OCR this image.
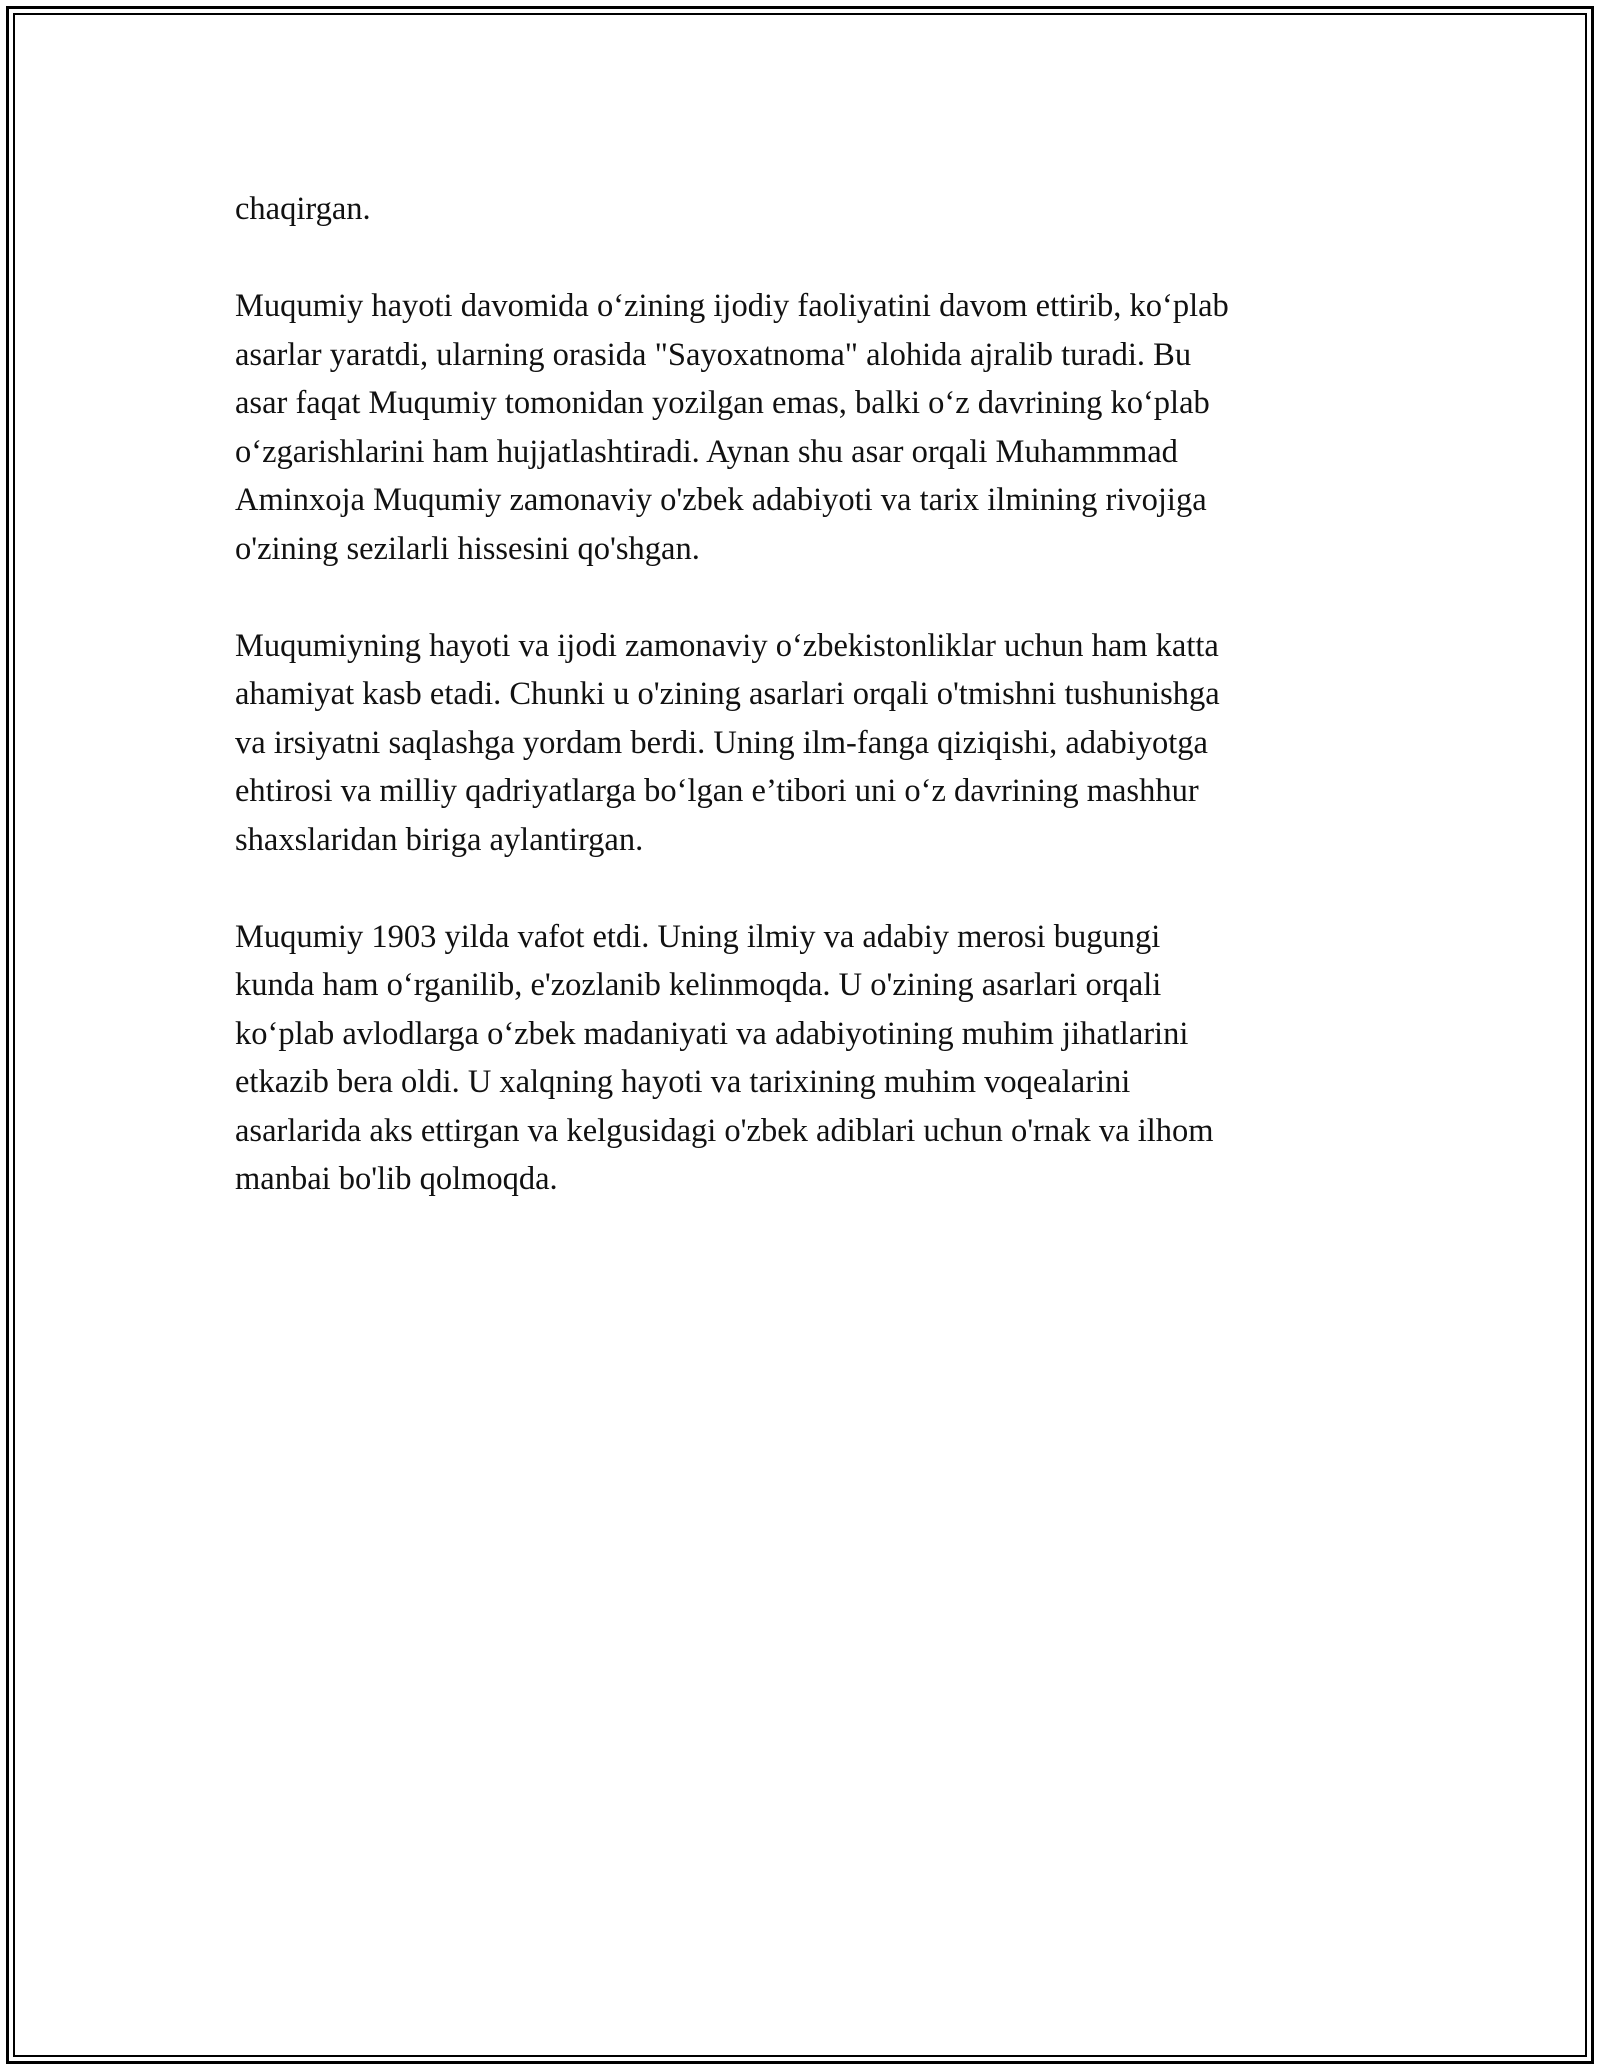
chaqirgan.

Muqumiy hayoti davomida o‘zining ijodiy faoliyatini davom ettirib, ko‘plab
asarlar yaratdi, ularning orasida "Sayoxatnoma" alohida ajralib turadi. Bu
asar faqat Muqumiy tomonidan yozilgan emas, balki o‘z davrining ko‘plab
o‘zgarishlarini ham hujjatlashtiradi. Aynan shu asar orqali Muhammmad
Aminxoja Muqumiy zamonaviy o'zbek adabiyoti va tarix ilmining rivojiga
o'zining sezilarli hissesini qo'shgan.

Muqumiyning hayoti va ijodi zamonaviy o‘zbekistonliklar uchun ham katta
ahamiyat kasb etadi. Chunki u o'zining asarlari orqali o'tmishni tushunishga
va irsiyatni saqlashga yordam berdi. Uning ilm-fanga qiziqishi, adabiyotga
ehtirosi va milliy qadriyatlarga bo‘lgan e’tibori uni o‘z davrining mashhur
shaxslaridan biriga aylantirgan.

Muqumiy 1903 yilda vafot etdi. Uning ilmiy va adabiy merosi bugungi
kunda ham o‘rganilib, e'zozlanib kelinmoqda. U o'zining asarlari orqali
ko‘plab avlodlarga o‘zbek madaniyati va adabiyotining muhim jihatlarini
etkazib bera oldi. U xalqning hayoti va tarixining muhim voqealarini
asarlarida aks ettirgan va kelgusidagi o'zbek adiblari uchun o'rnak va ilhom
manbai bo'lib qolmoqda.
